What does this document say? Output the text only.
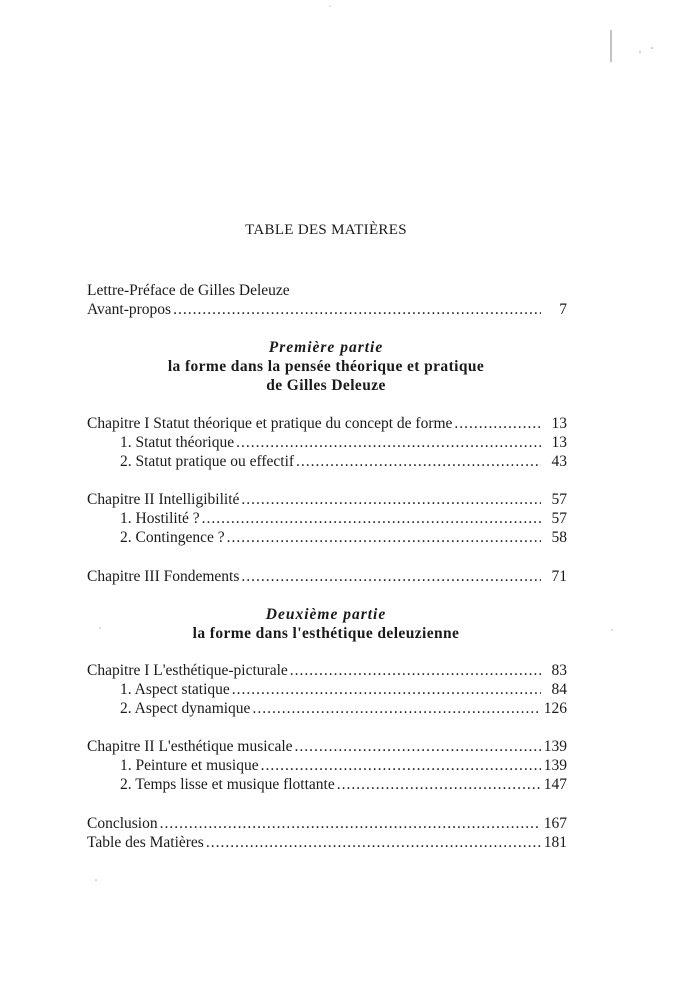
TABLE DES MATIÈRES
Lettre-Préface de Gilles Deleuze
Avant-propos .....	7
Première partie
la forme dans la pensée théorique et pratique
de Gilles Deleuze
Chapitre I Statut théorique et pratique du concept de forme .....	13
1. Statut théorique .....	13
2. Statut pratique ou effectif .....	43
Chapitre II Intelligibilité .....	57
1. Hostilité ? .....	57
2. Contingence ? .....	58
Chapitre III Fondements .....	71
Deuxième partie
la forme dans l'esthétique deleuzienne
Chapitre I L'esthétique-picturale .....	83
1. Aspect statique .....	84
2. Aspect dynamique .....	126
Chapitre II L'esthétique musicale .....	139
1. Peinture et musique .....	139
2. Temps lisse et musique flottante .....	147
Conclusion .....	167
Table des Matières .....	181
